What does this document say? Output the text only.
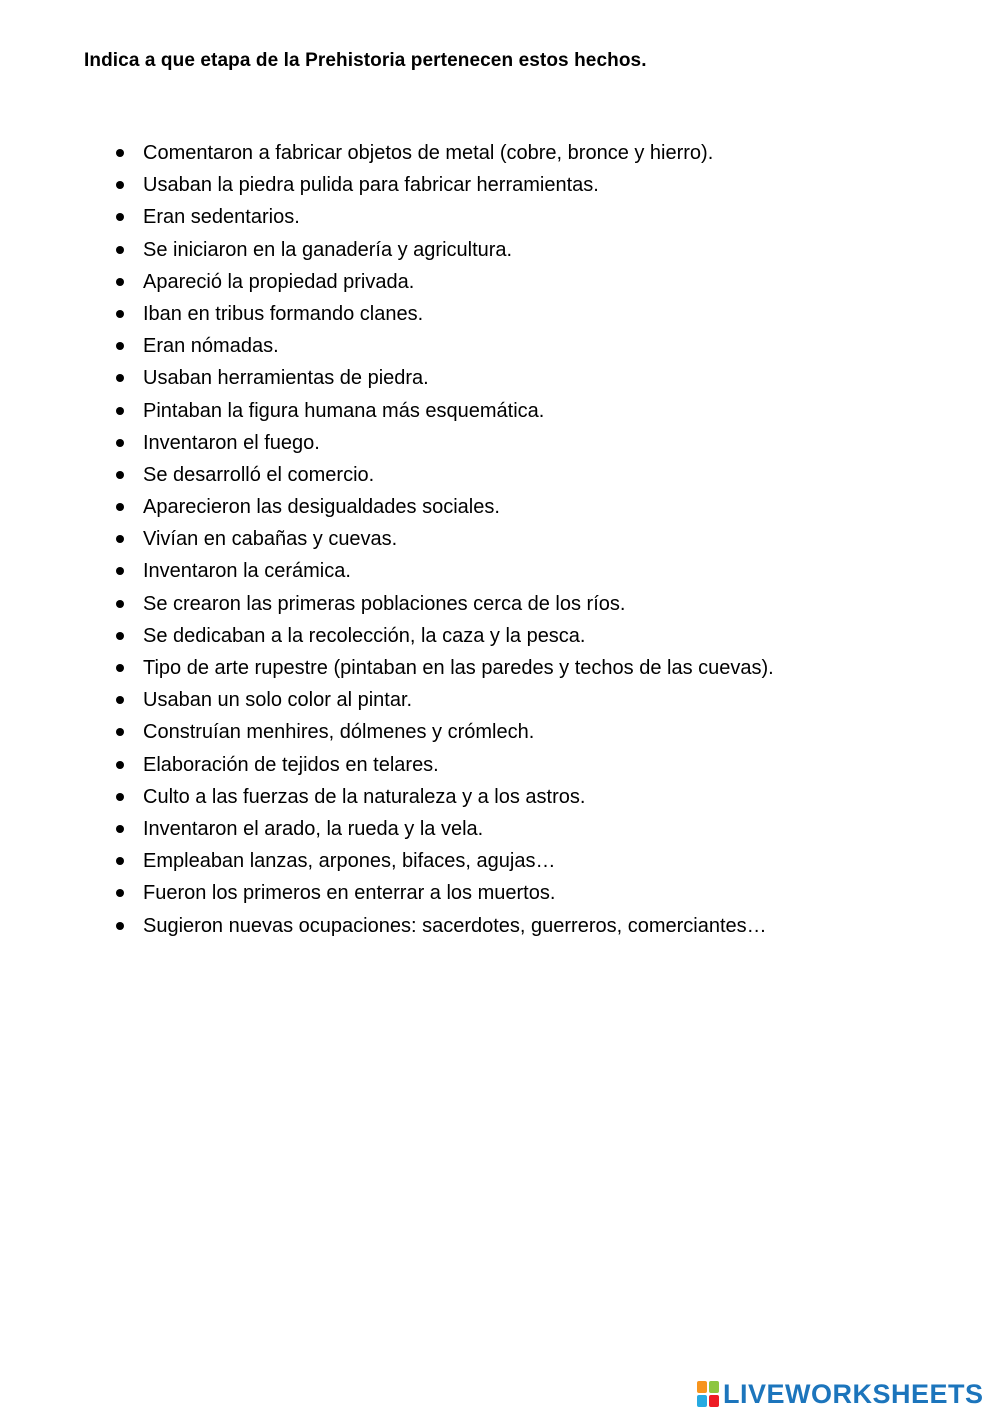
Indica a que etapa de la Prehistoria pertenecen estos hechos.
Comentaron a fabricar objetos de metal (cobre, bronce y hierro).
Usaban la piedra pulida para fabricar herramientas.
Eran sedentarios.
Se iniciaron en la ganadería y agricultura.
Apareció la propiedad privada.
Iban en tribus formando clanes.
Eran nómadas.
Usaban herramientas de piedra.
Pintaban la figura humana más esquemática.
Inventaron el fuego.
Se desarrolló el comercio.
Aparecieron las desigualdades sociales.
Vivían en cabañas y cuevas.
Inventaron la cerámica.
Se crearon las primeras poblaciones cerca de los ríos.
Se dedicaban a la recolección, la caza y la pesca.
Tipo de arte rupestre (pintaban en las paredes y techos de las cuevas).
Usaban un solo color al pintar.
Construían menhires, dólmenes y crómlech.
Elaboración de tejidos en telares.
Culto a las fuerzas de la naturaleza y a los astros.
Inventaron el arado, la rueda y la vela.
Empleaban lanzas, arpones, bifaces, agujas…
Fueron los primeros en enterrar a los muertos.
Sugieron nuevas ocupaciones: sacerdotes, guerreros, comerciantes…
LIVEWORKSHEETS
